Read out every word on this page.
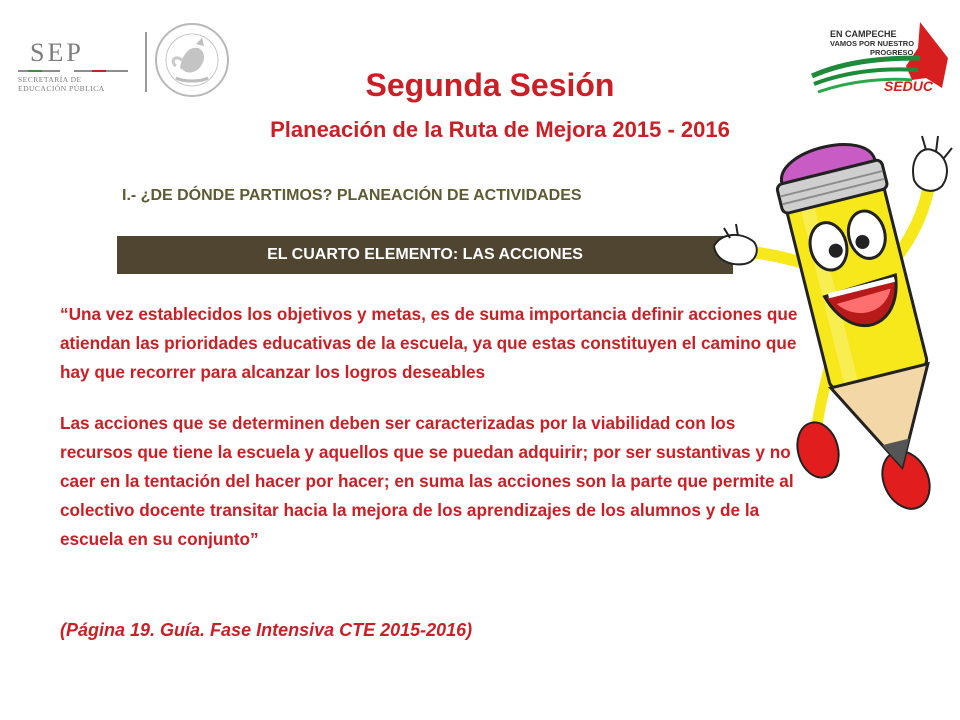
SEP
SECRETARÍA DE
EDUCACIÓN PÚBLICA
EN CAMPECHE
VAMOS POR NUESTRO
PROGRESO
SEDUC
Segunda Sesión
Planeación de la Ruta de Mejora 2015 - 2016
I.- ¿DE DÓNDE PARTIMOS? PLANEACIÓN DE ACTIVIDADES
EL CUARTO ELEMENTO: LAS ACCIONES

“Una vez establecidos los objetivos y metas, es de suma importancia definir acciones que atiendan las prioridades educativas de la escuela, ya que estas constituyen el camino que hay que recorrer para alcanzar los logros deseables

Las acciones que se determinen deben ser caracterizadas por la viabilidad con los recursos que tiene la escuela y aquellos que se puedan adquirir; por ser sustantivas y no caer en la tentación del hacer por hacer; en suma las acciones son la parte que permite al colectivo docente transitar hacia la mejora de los aprendizajes de los alumnos y de la escuela en su conjunto”

(Página 19. Guía. Fase Intensiva CTE 2015-2016)
